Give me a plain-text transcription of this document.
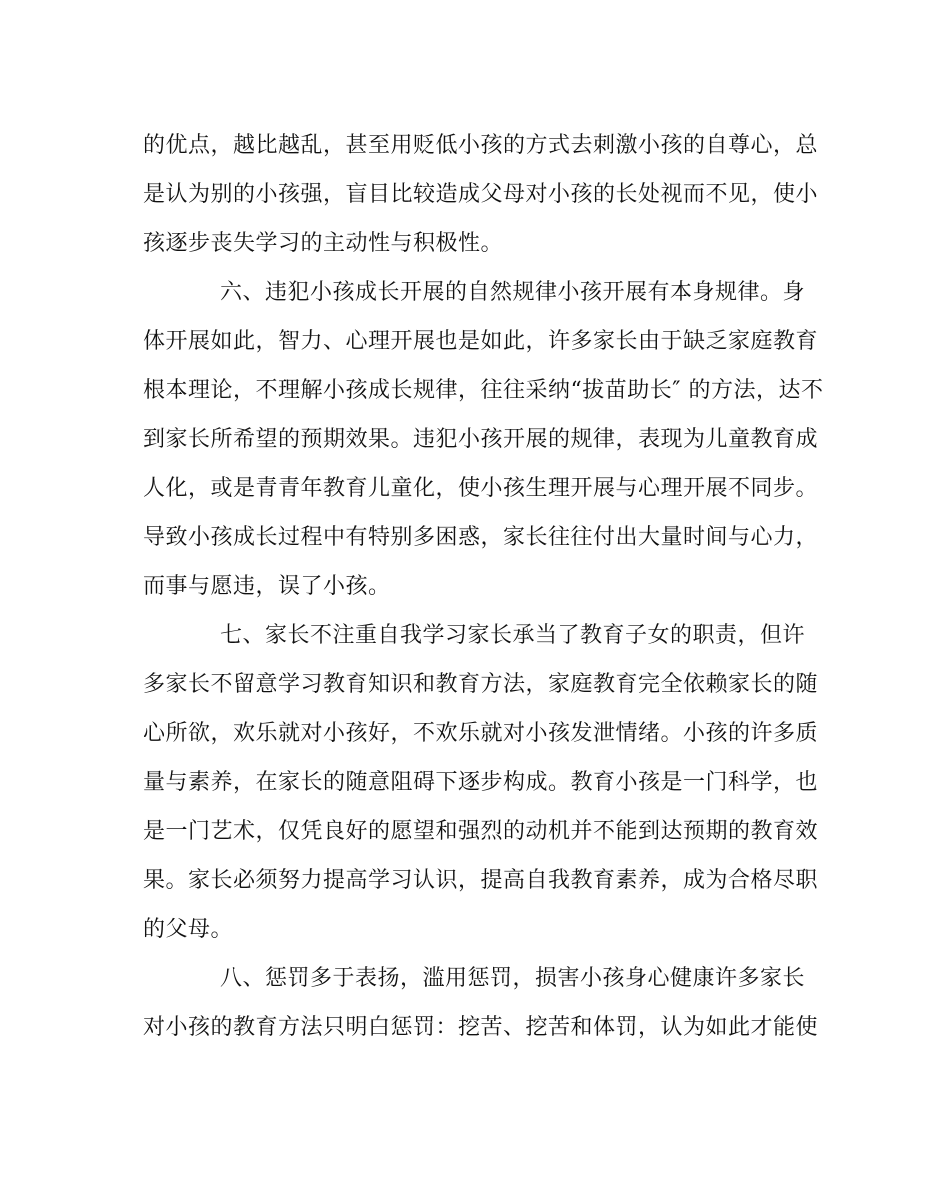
的优点，越比越乱，甚至用贬低小孩的方式去刺激小孩的自尊心，总
是认为别的小孩强，盲目比较造成父母对小孩的长处视而不见，使小
孩逐步丧失学习的主动性与积极性。
六、违犯小孩成长开展的自然规律小孩开展有本身规律。身
体开展如此，智力、心理开展也是如此，许多家长由于缺乏家庭教育
根本理论，不理解小孩成长规律，往往采纳“拔苗助长″ 的方法，达不
到家长所希望的预期效果。违犯小孩开展的规律，表现为儿童教育成
人化，或是青青年教育儿童化，使小孩生理开展与心理开展不同步。
导致小孩成长过程中有特别多困惑，家长往往付出大量时间与心力，
而事与愿违，误了小孩。
七、家长不注重自我学习家长承当了教育子女的职责，但许
多家长不留意学习教育知识和教育方法，家庭教育完全依赖家长的随
心所欲，欢乐就对小孩好，不欢乐就对小孩发泄情绪。小孩的许多质
量与素养，在家长的随意阻碍下逐步构成。教育小孩是一门科学，也
是一门艺术，仅凭良好的愿望和强烈的动机并不能到达预期的教育效
果。家长必须努力提高学习认识，提高自我教育素养，成为合格尽职
的父母。
八、惩罚多于表扬，滥用惩罚，损害小孩身心健康许多家长
对小孩的教育方法只明白惩罚：挖苦、挖苦和体罚，认为如此才能使
